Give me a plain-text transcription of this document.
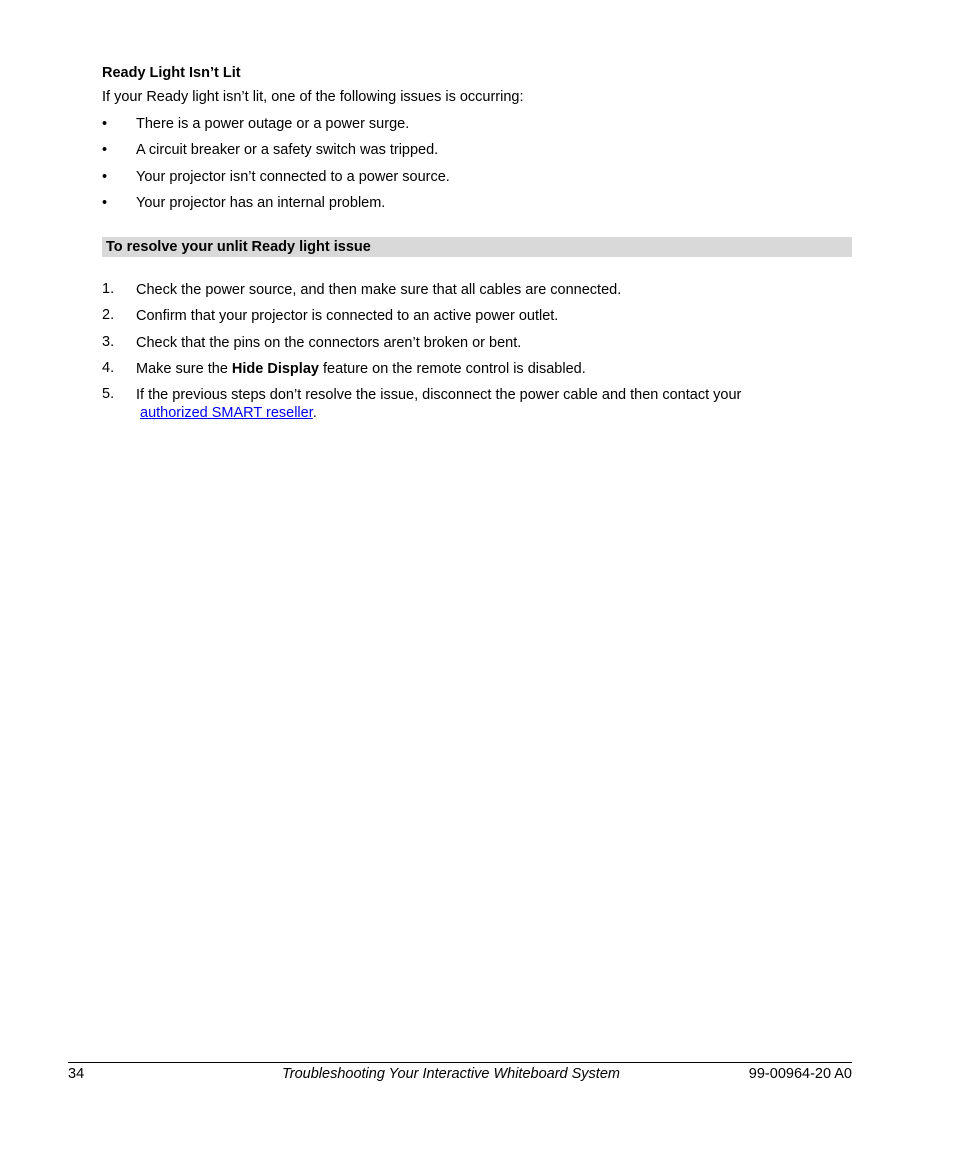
Ready Light Isn’t Lit
If your Ready light isn’t lit, one of the following issues is occurring:
• There is a power outage or a power surge.
• A circuit breaker or a safety switch was tripped.
• Your projector isn’t connected to a power source.
• Your projector has an internal problem.
To resolve your unlit Ready light issue
1. Check the power source, and then make sure that all cables are connected.
2. Confirm that your projector is connected to an active power outlet.
3. Check that the pins on the connectors aren’t broken or bent.
4. Make sure the Hide Display feature on the remote control is disabled.
5. If the previous steps don’t resolve the issue, disconnect the power cable and then contact your
authorized SMART reseller.
34	Troubleshooting Your Interactive Whiteboard System	99-00964-20 A0
